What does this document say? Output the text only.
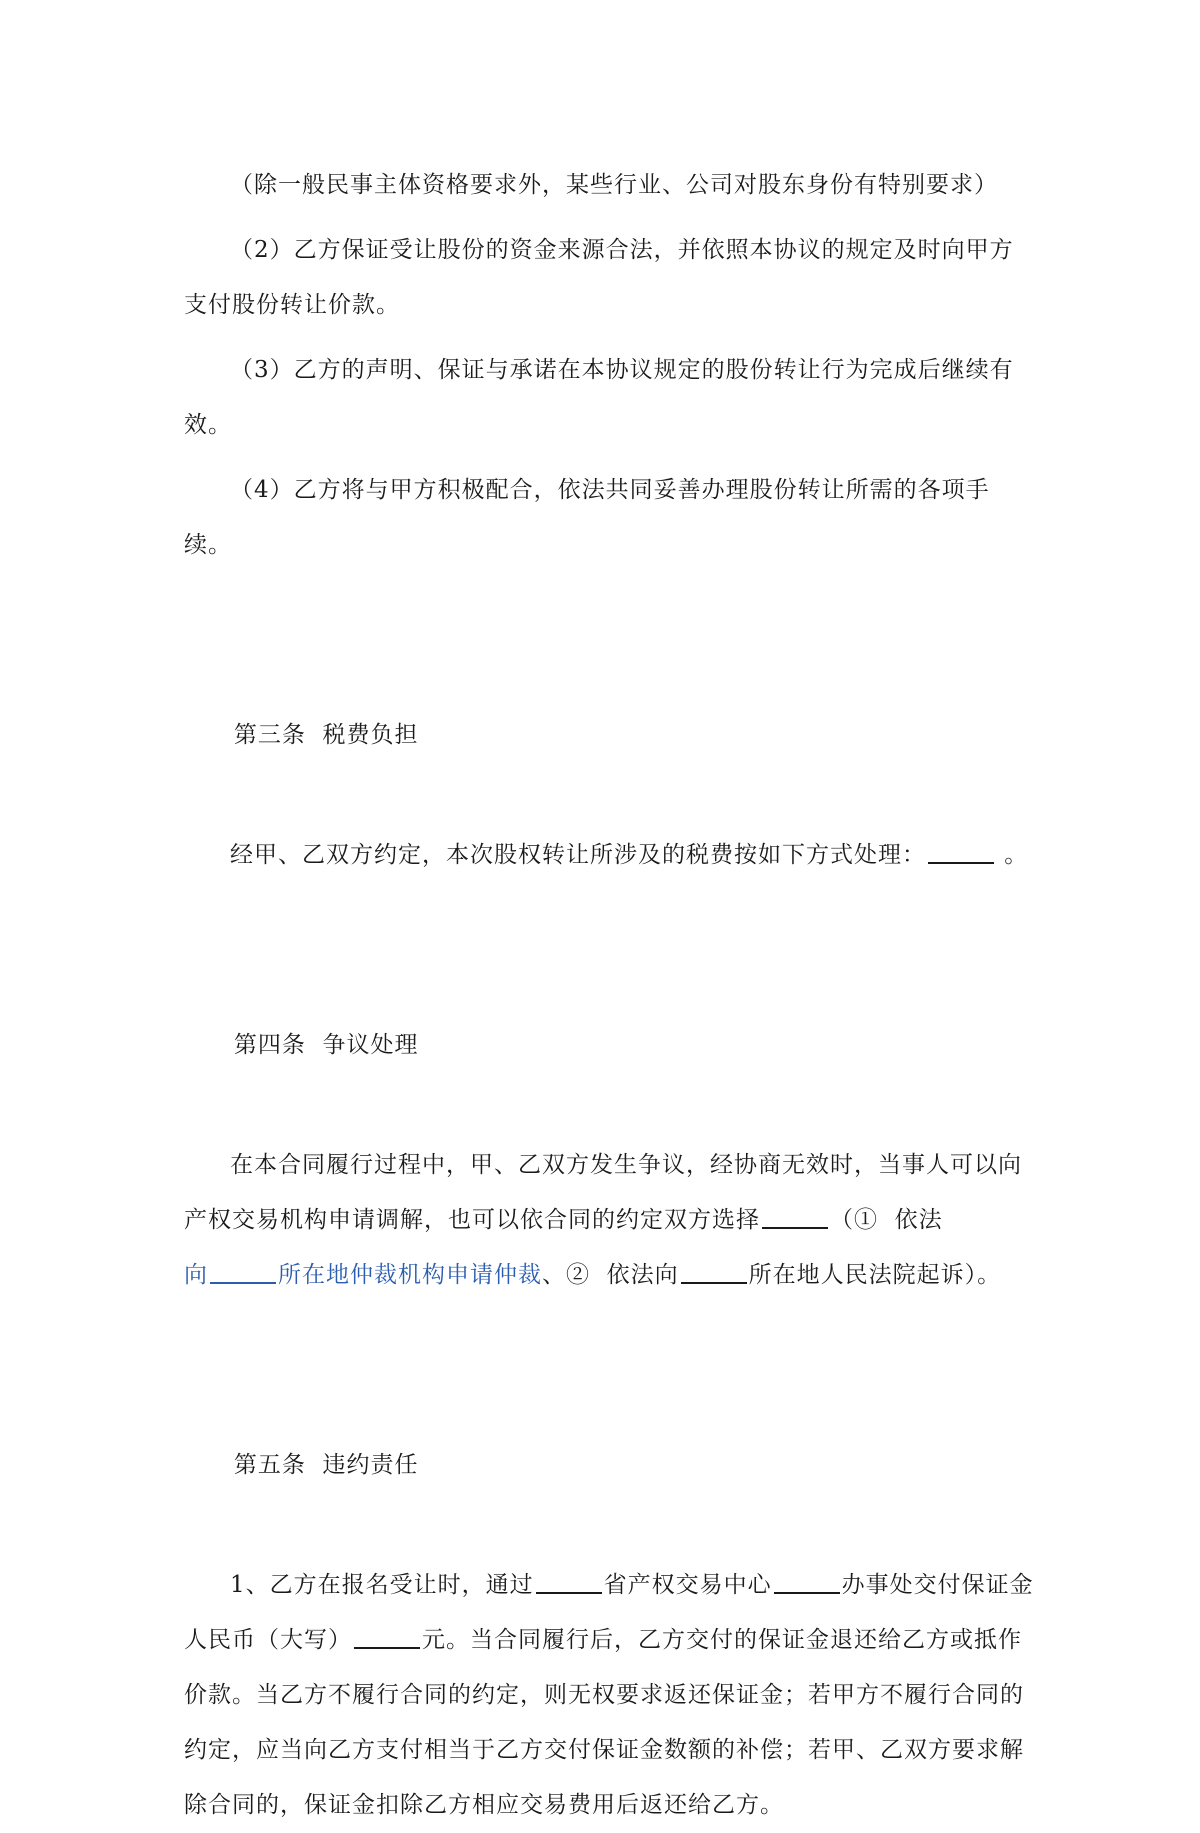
（除一般民事主体资格要求外，某些行业、公司对股东身份有特别要求）

（2）乙方保证受让股份的资金来源合法，并依照本协议的规定及时向甲方
支付股份转让价款。

（3）乙方的声明、保证与承诺在本协议规定的股份转让行为完成后继续有
效。

（4）乙方将与甲方积极配合，依法共同妥善办理股份转让所需的各项手续。

第三条  税费负担

经甲、乙双方约定，本次股权转让所涉及的税费按如下方式处理：	。

第四条  争议处理

在本合同履行过程中，甲、乙双方发生争议，经协商无效时，当事人可以向
产权交易机构申请调解，也可以依合同的约定双方选择	（①  依法
向	所在地仲裁机构申请仲裁、②  依法向	所在地人民法院起诉）。

第五条  违约责任

1、乙方在报名受让时，通过	省产权交易中心	办事处交付保证金
人民币（大写）	元。当合同履行后，乙方交付的保证金退还给乙方或抵作
价款。当乙方不履行合同的约定，则无权要求返还保证金；若甲方不履行合同的
约定，应当向乙方支付相当于乙方交付保证金数额的补偿；若甲、乙双方要求解
除合同的，保证金扣除乙方相应交易费用后返还给乙方。
